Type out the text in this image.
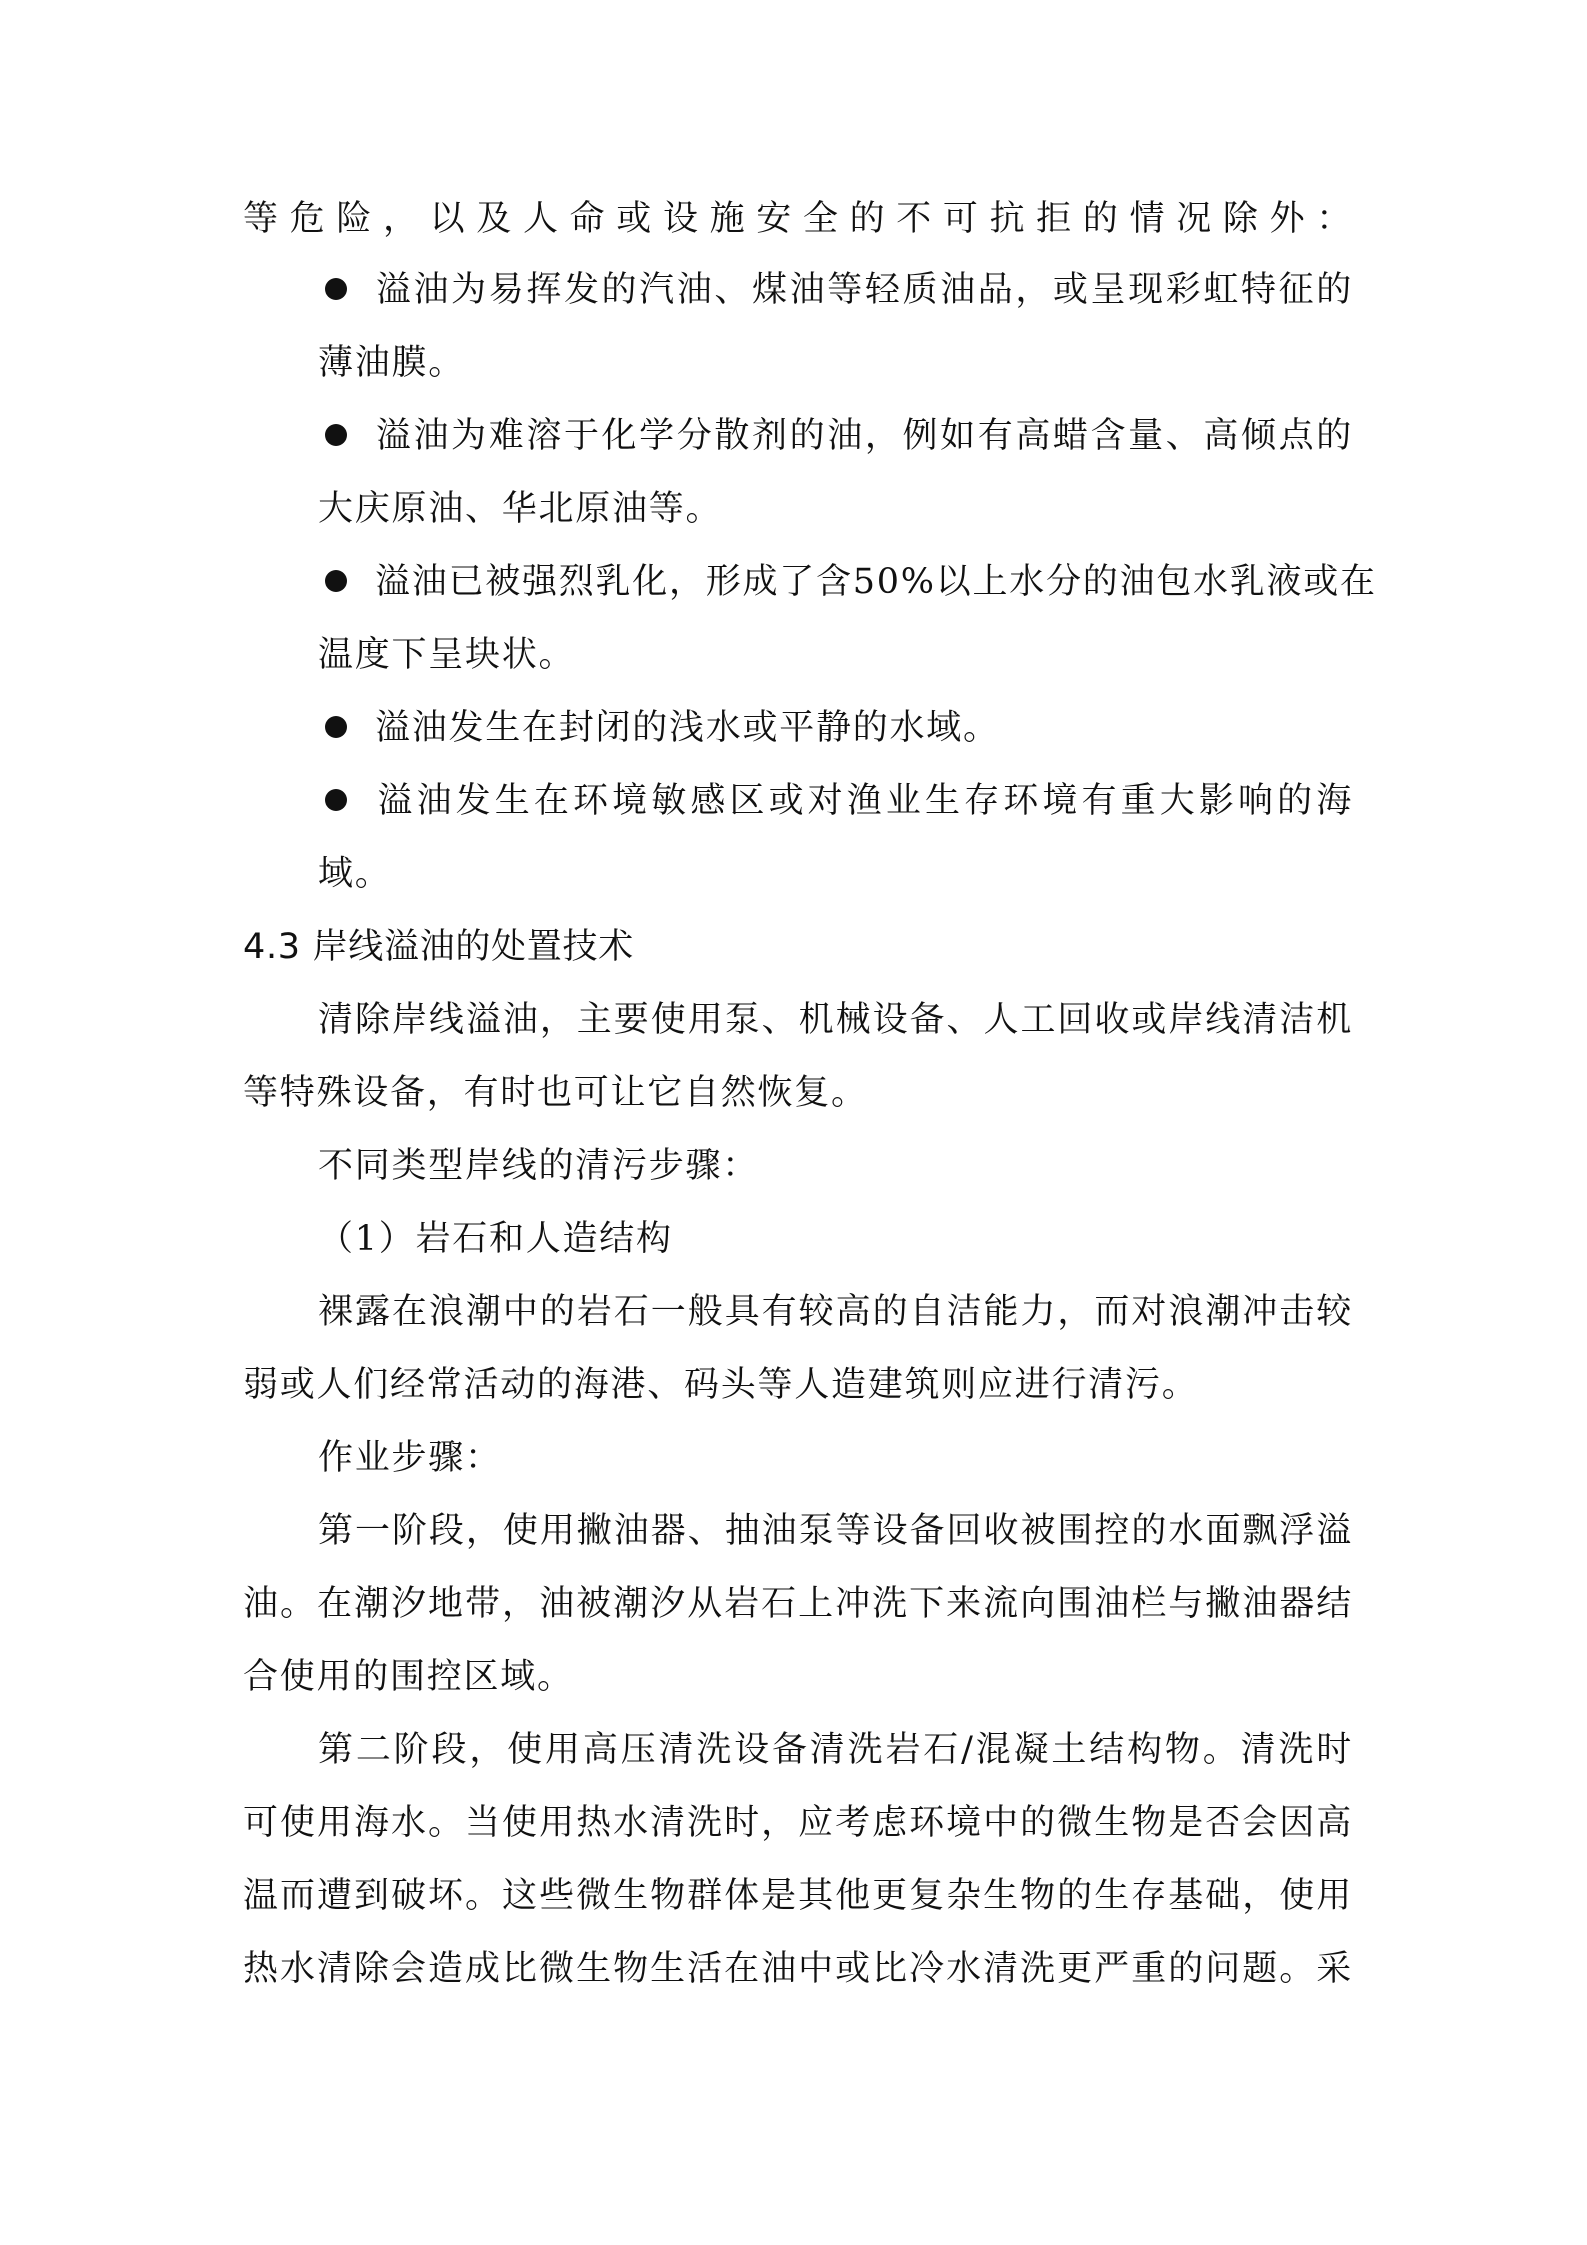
等危险，以及人命或设施安全的不可抗拒的情况除外：
溢油为易挥发的汽油、煤油等轻质油品，或呈现彩虹特征的
薄油膜。
溢油为难溶于化学分散剂的油，例如有高蜡含量、高倾点的
大庆原油、华北原油等。
溢油已被强烈乳化，形成了含50%以上水分的油包水乳液或在
温度下呈块状。
溢油发生在封闭的浅水或平静的水域。
溢油发生在环境敏感区或对渔业生存环境有重大影响的海
域。
4.3 岸线溢油的处置技术
清除岸线溢油，主要使用泵、机械设备、人工回收或岸线清洁机
等特殊设备，有时也可让它自然恢复。
不同类型岸线的清污步骤：
（1）岩石和人造结构
裸露在浪潮中的岩石一般具有较高的自洁能力，而对浪潮冲击较
弱或人们经常活动的海港、码头等人造建筑则应进行清污。
作业步骤：
第一阶段，使用撇油器、抽油泵等设备回收被围控的水面飘浮溢
油。在潮汐地带，油被潮汐从岩石上冲洗下来流向围油栏与撇油器结
合使用的围控区域。
第二阶段，使用高压清洗设备清洗岩石/混凝土结构物。清洗时
可使用海水。当使用热水清洗时，应考虑环境中的微生物是否会因高
温而遭到破坏。这些微生物群体是其他更复杂生物的生存基础，使用
热水清除会造成比微生物生活在油中或比冷水清洗更严重的问题。采
